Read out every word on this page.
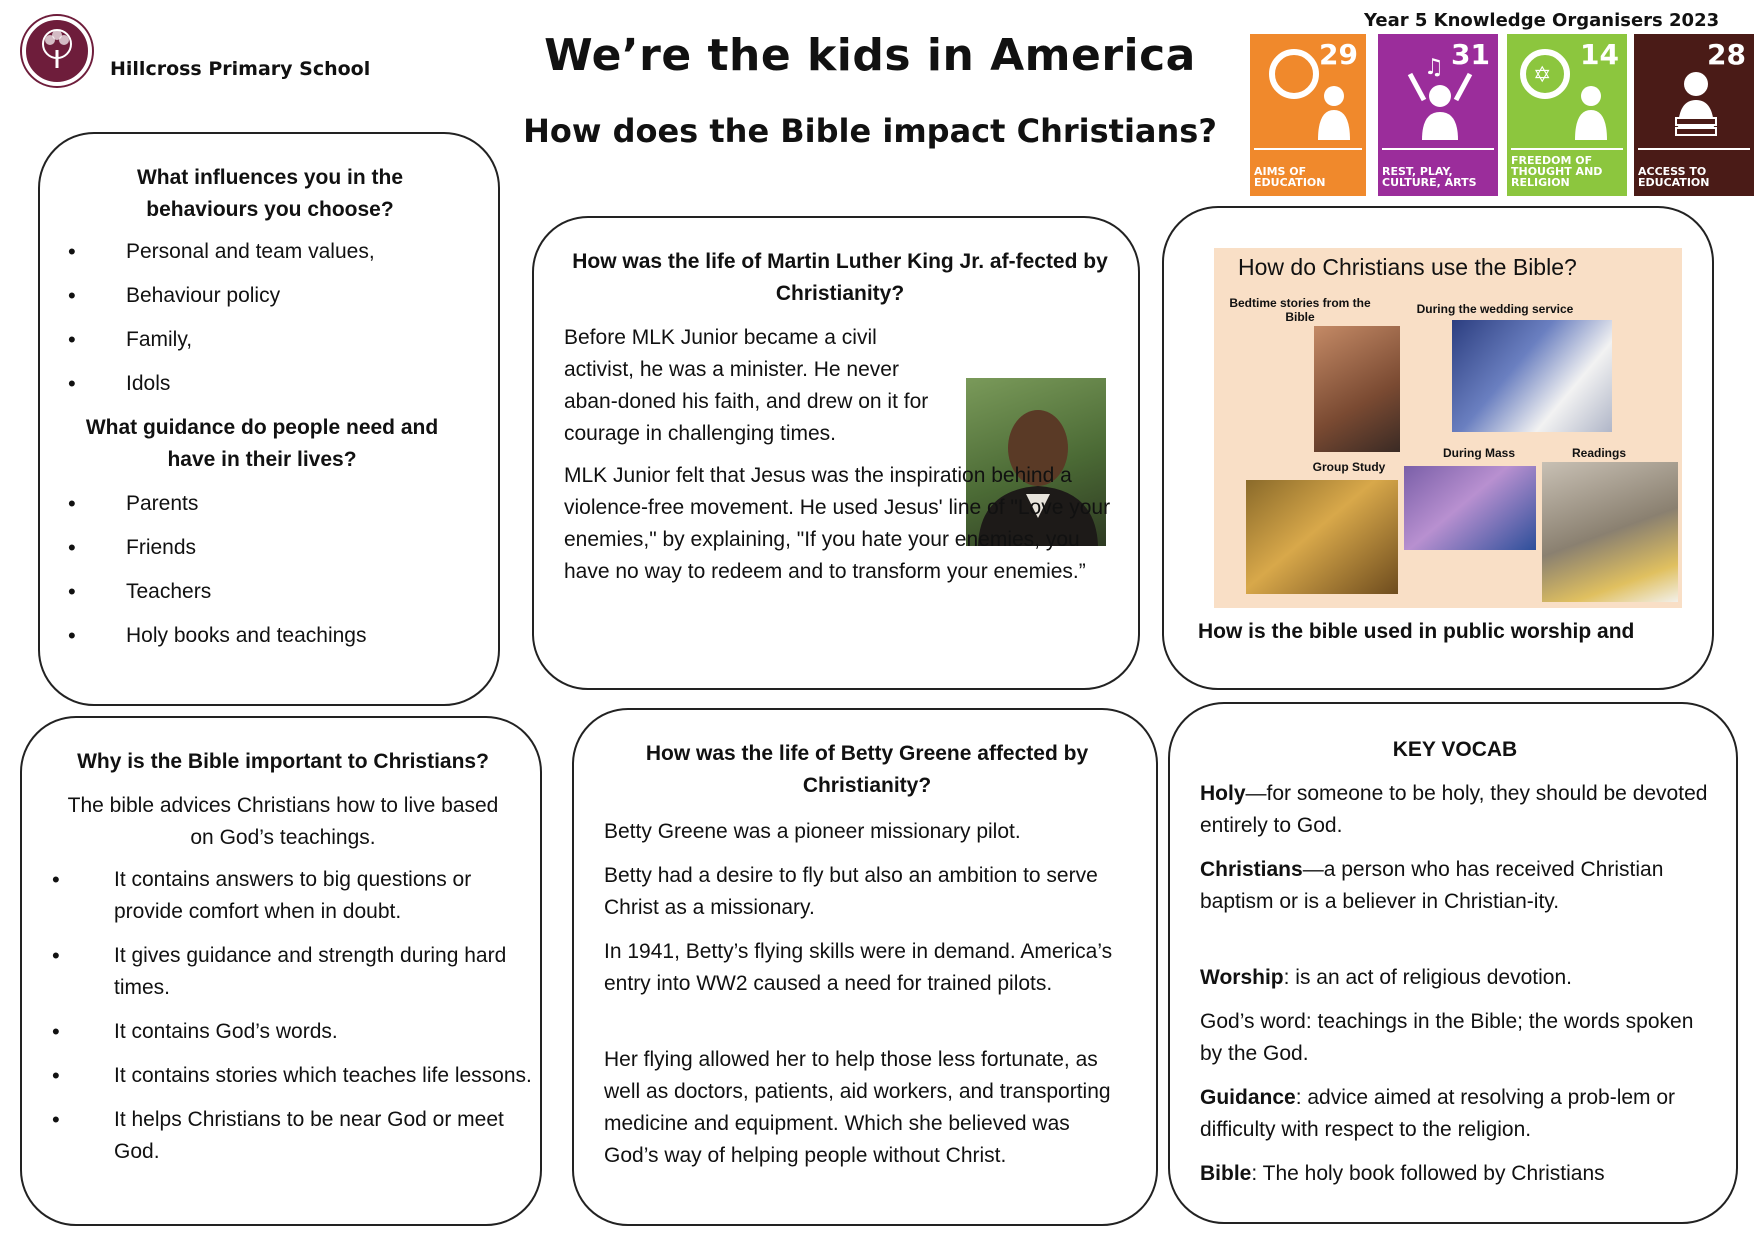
Hillcross Primary School	We’re the kids in America
How does the Bible impact Christians?
Year 5 Knowledge Organisers 2023
29
AIMS OF EDUCATION
♫ 31
REST, PLAY, CULTURE, ARTS
✡
14
FREEDOM OF THOUGHT AND RELIGION
28
ACCESS TO EDUCATION
What influences you in the behaviours you choose?
• Personal and team values,
• Behaviour policy
• Family,
• Idols
What guidance do people need and have in their lives?
• Parents
• Friends
• Teachers
• Holy books and teachings
How was the life of Martin Luther King Jr. af-fected by Christianity?
Before MLK Junior became a civil activist, he was a minister. He never aban-doned his faith, and drew on it for courage in challenging times.
MLK Junior felt that Jesus was the inspiration behind a violence-free movement. He used Jesus' line of "Love your enemies," by explaining, "If you hate your enemies, you have no way to redeem and to transform your enemies.”
How do Christians use the Bible?
Bedtime stories from the Bible
During the wedding service
Group Study
During Mass	Readings
How is the bible used in public worship and
Why is the Bible important to Christians?
The bible advices Christians how to live based on God’s teachings.
• It contains answers to big questions or provide comfort when in doubt.
• It gives guidance and strength during hard times.
• It contains God’s words.
• It contains stories which teaches life lessons.
• It helps Christians to be near God or meet God.
How was the life of Betty Greene affected by Christianity?
Betty Greene was a pioneer missionary pilot.
Betty had a desire to fly but also an ambition to serve Christ as a missionary.
In 1941, Betty’s flying skills were in demand. America’s entry into WW2 caused a need for trained pilots.
Her flying allowed her to help those less fortunate, as well as doctors, patients, aid workers, and transporting medicine and equipment. Which she believed was God’s way of helping people without Christ.
KEY VOCAB
Holy—for someone to be holy, they should be devoted entirely to God.
Christians—a person who has received Christian baptism or is a believer in Christian-ity.
Worship: is an act of religious devotion.
God’s word: teachings in the Bible; the words spoken by the God.
Guidance: advice aimed at resolving a prob-lem or difficulty with respect to the religion.
Bible: The holy book followed by Christians
